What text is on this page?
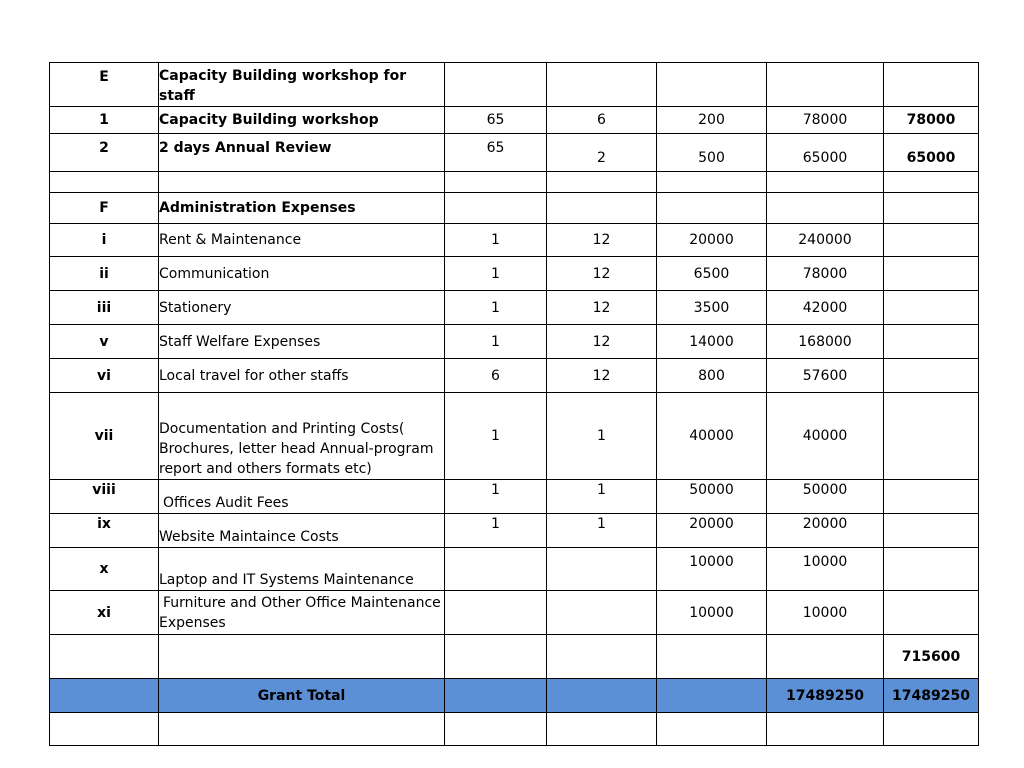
E	Capacity Building workshop for staff					
1	Capacity Building workshop	65	6	200	78000	78000
2	2 days Annual Review	65	2	500	65000	65000

F	Administration Expenses					
i	Rent & Maintenance	1	12	20000	240000	
ii	Communication	1	12	6500	78000	
iii	Stationery	1	12	3500	42000	
v	Staff Welfare Expenses	1	12	14000	168000	
vi	Local travel for other staffs	6	12	800	57600	
vii	Documentation and Printing Costs(
Brochures, letter head Annual-program
report and others formats etc)	1	1	40000	40000	
viii	Offices Audit Fees	1	1	50000	50000	
ix	Website Maintaince Costs	1	1	20000	20000	
x	Laptop and IT Systems Maintenance			10000	10000	
xi	Furniture and Other Office Maintenance
Expenses			10000	10000	
						715600
	Grant Total				17489250	17489250
